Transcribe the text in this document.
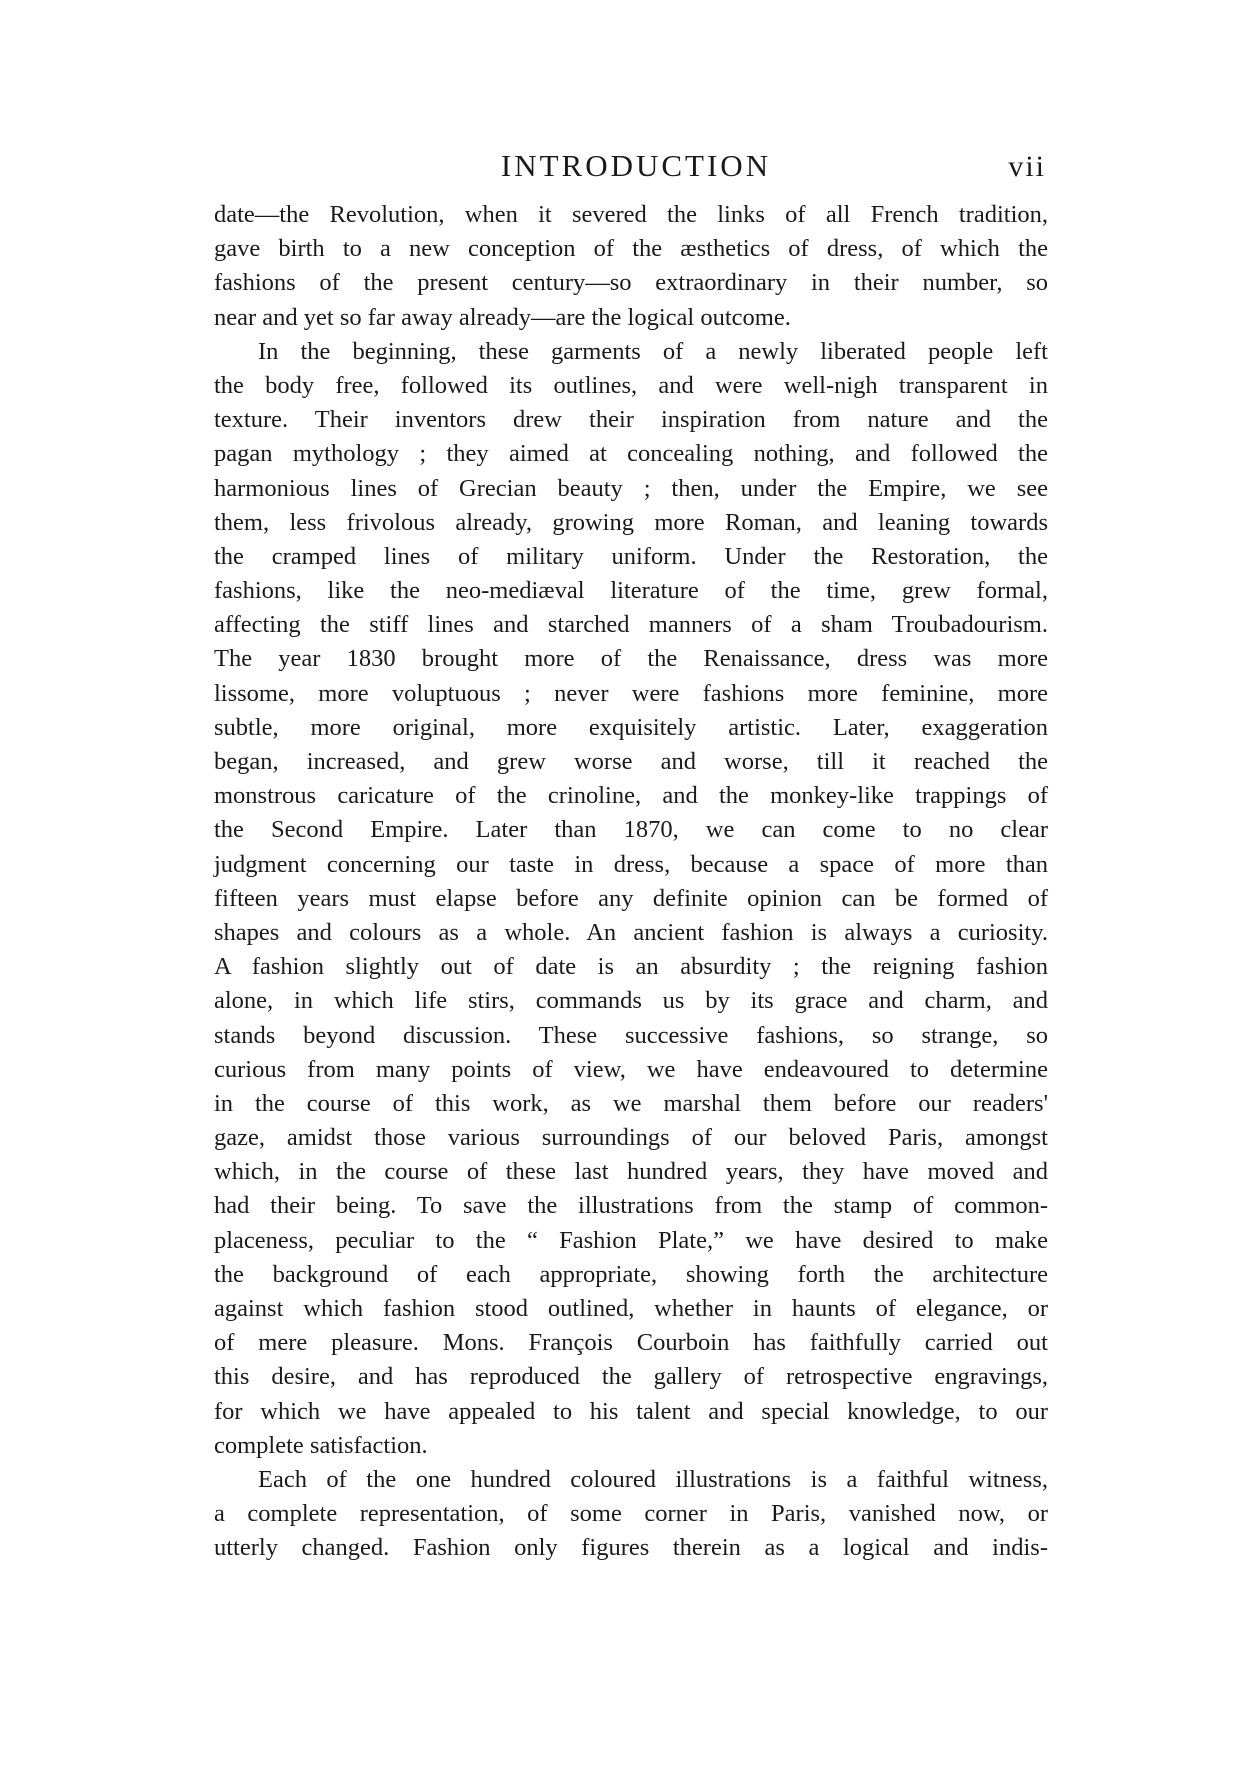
INTRODUCTION	vii
date—the Revolution, when it severed the links of all French tradition,
gave birth to a new conception of the æsthetics of dress, of which the
fashions of the present century—so extraordinary in their number, so
near and yet so far away already—are the logical outcome.
In the beginning, these garments of a newly liberated people left
the body free, followed its outlines, and were well-nigh transparent in
texture. Their inventors drew their inspiration from nature and the
pagan mythology ; they aimed at concealing nothing, and followed the
harmonious lines of Grecian beauty ; then, under the Empire, we see
them, less frivolous already, growing more Roman, and leaning towards
the cramped lines of military uniform. Under the Restoration, the
fashions, like the neo-mediæval literature of the time, grew formal,
affecting the stiff lines and starched manners of a sham Troubadourism.
The year 1830 brought more of the Renaissance, dress was more
lissome, more voluptuous ; never were fashions more feminine, more
subtle, more original, more exquisitely artistic. Later, exaggeration
began, increased, and grew worse and worse, till it reached the
monstrous caricature of the crinoline, and the monkey-like trappings of
the Second Empire. Later than 1870, we can come to no clear
judgment concerning our taste in dress, because a space of more than
fifteen years must elapse before any definite opinion can be formed of
shapes and colours as a whole. An ancient fashion is always a curiosity.
A fashion slightly out of date is an absurdity ; the reigning fashion
alone, in which life stirs, commands us by its grace and charm, and
stands beyond discussion. These successive fashions, so strange, so
curious from many points of view, we have endeavoured to determine
in the course of this work, as we marshal them before our readers'
gaze, amidst those various surroundings of our beloved Paris, amongst
which, in the course of these last hundred years, they have moved and
had their being. To save the illustrations from the stamp of common-
placeness, peculiar to the “ Fashion Plate,” we have desired to make
the background of each appropriate, showing forth the architecture
against which fashion stood outlined, whether in haunts of elegance, or
of mere pleasure. Mons. François Courboin has faithfully carried out
this desire, and has reproduced the gallery of retrospective engravings,
for which we have appealed to his talent and special knowledge, to our
complete satisfaction.
Each of the one hundred coloured illustrations is a faithful witness,
a complete representation, of some corner in Paris, vanished now, or
utterly changed. Fashion only figures therein as a logical and indis-
